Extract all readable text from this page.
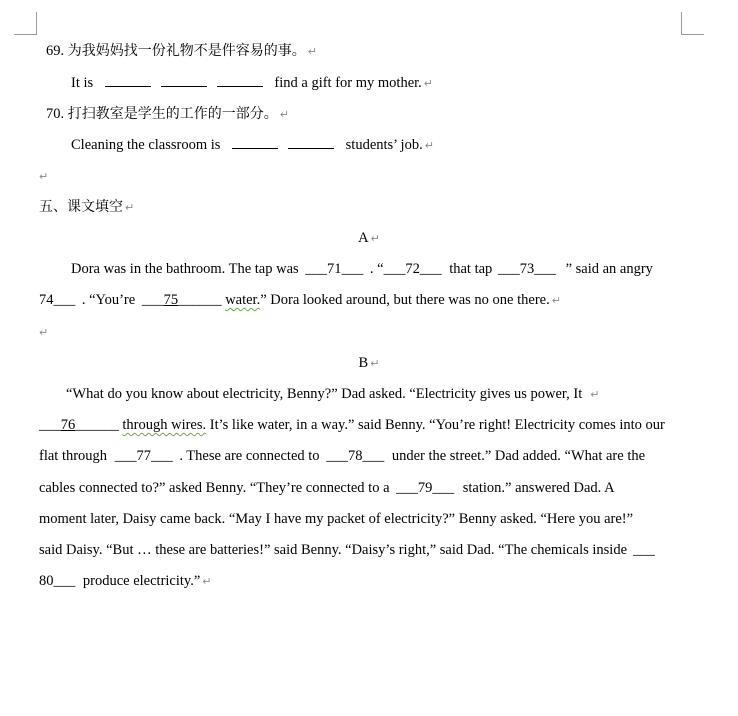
69. 为我妈妈找一份礼物不是件容易的事。 ↵
It is	find a gift for my mother. ↵
70. 打扫教室是学生的工作的一部分。 ↵
Cleaning the classroom is	students’ job. ↵
↵
五、课文填空 ↵
A ↵
Dora was in the bathroom. The tap was ___71___ . “___72___ that tap ___73___ ” said an angry
74___ . “You’re ___75______ water.” Dora looked around, but there was no one there. ↵
↵
B ↵
“What do you know about electricity, Benny?” Dad asked. “Electricity gives us power, It ↵
___76______ through wires. It’s like water, in a way.” said Benny. “You’re right! Electricity comes into our
flat through ___77___ . These are connected to ___78___ under the street.” Dad added. “What are the
cables connected to?” asked Benny. “They’re connected to a ___79___ station.” answered Dad. A
moment later, Daisy came back. “May I have my packet of electricity?” Benny asked. “Here you are!”
said Daisy. “But … these are batteries!” said Benny. “Daisy’s right,” said Dad. “The chemicals inside ___
80___ produce electricity.” ↵
